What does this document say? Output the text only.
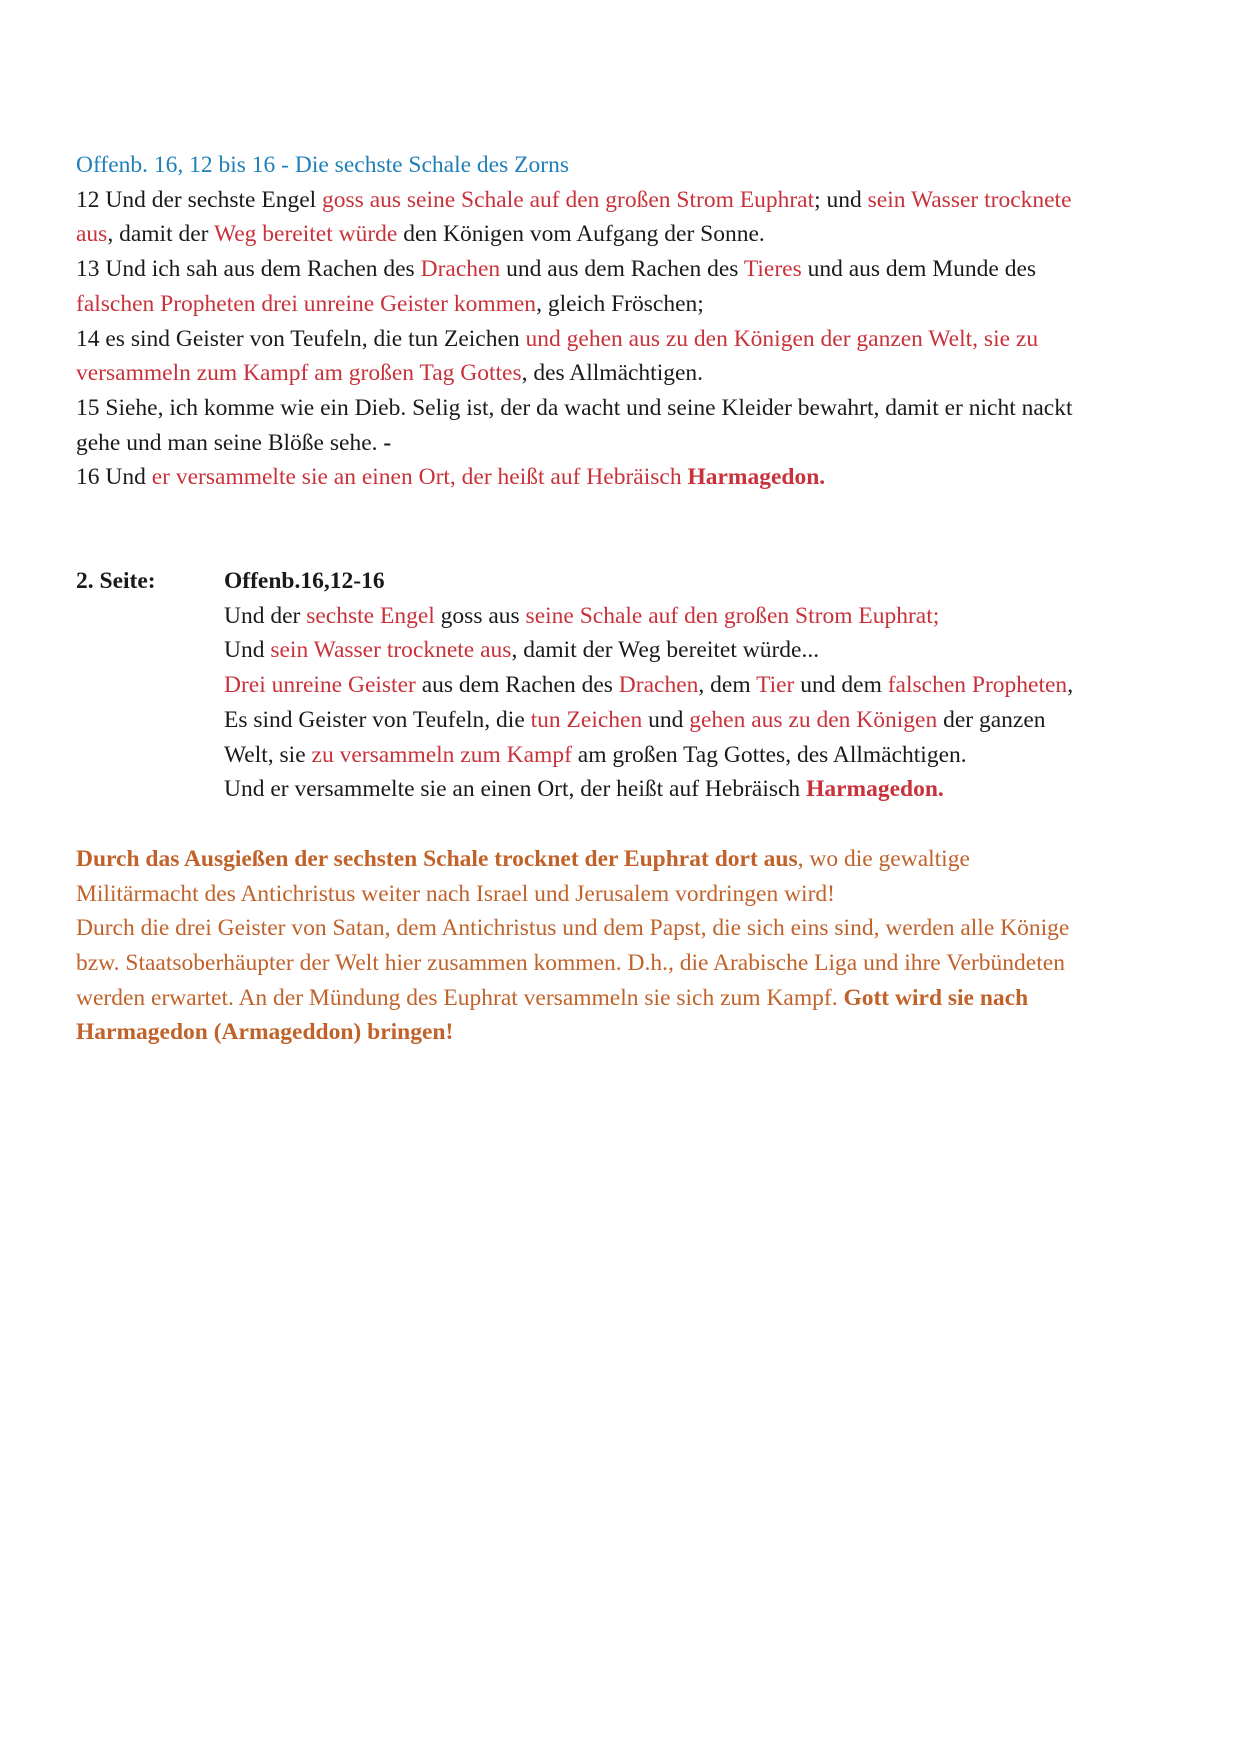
Offenb. 16, 12 bis 16 - Die sechste Schale des Zorns
12 Und der sechste Engel goss aus seine Schale auf den großen Strom Euphrat; und sein Wasser trocknete
aus, damit der Weg bereitet würde den Königen vom Aufgang der Sonne.
13 Und ich sah aus dem Rachen des Drachen und aus dem Rachen des Tieres und aus dem Munde des
falschen Propheten drei unreine Geister kommen, gleich Fröschen;
14 es sind Geister von Teufeln, die tun Zeichen und gehen aus zu den Königen der ganzen Welt, sie zu
versammeln zum Kampf am großen Tag Gottes, des Allmächtigen.
15 Siehe, ich komme wie ein Dieb. Selig ist, der da wacht und seine Kleider bewahrt, damit er nicht nackt
gehe und man seine Blöße sehe. -
16 Und er versammelte sie an einen Ort, der heißt auf Hebräisch Harmagedon.
2. Seite:	Offenb.16,12-16
Und der sechste Engel goss aus seine Schale auf den großen Strom Euphrat;
Und sein Wasser trocknete aus, damit der Weg bereitet würde...
Drei unreine Geister aus dem Rachen des Drachen, dem Tier und dem falschen Propheten,
Es sind Geister von Teufeln, die tun Zeichen und gehen aus zu den Königen der ganzen
Welt, sie zu versammeln zum Kampf am großen Tag Gottes, des Allmächtigen.
Und er versammelte sie an einen Ort, der heißt auf Hebräisch Harmagedon.
Durch das Ausgießen der sechsten Schale trocknet der Euphrat dort aus, wo die gewaltige
Militärmacht des Antichristus weiter nach Israel und Jerusalem vordringen wird!
Durch die drei Geister von Satan, dem Antichristus und dem Papst, die sich eins sind, werden alle Könige
bzw. Staatsoberhäupter der Welt hier zusammen kommen. D.h., die Arabische Liga und ihre Verbündeten
werden erwartet. An der Mündung des Euphrat versammeln sie sich zum Kampf. Gott wird sie nach
Harmagedon (Armageddon) bringen!
